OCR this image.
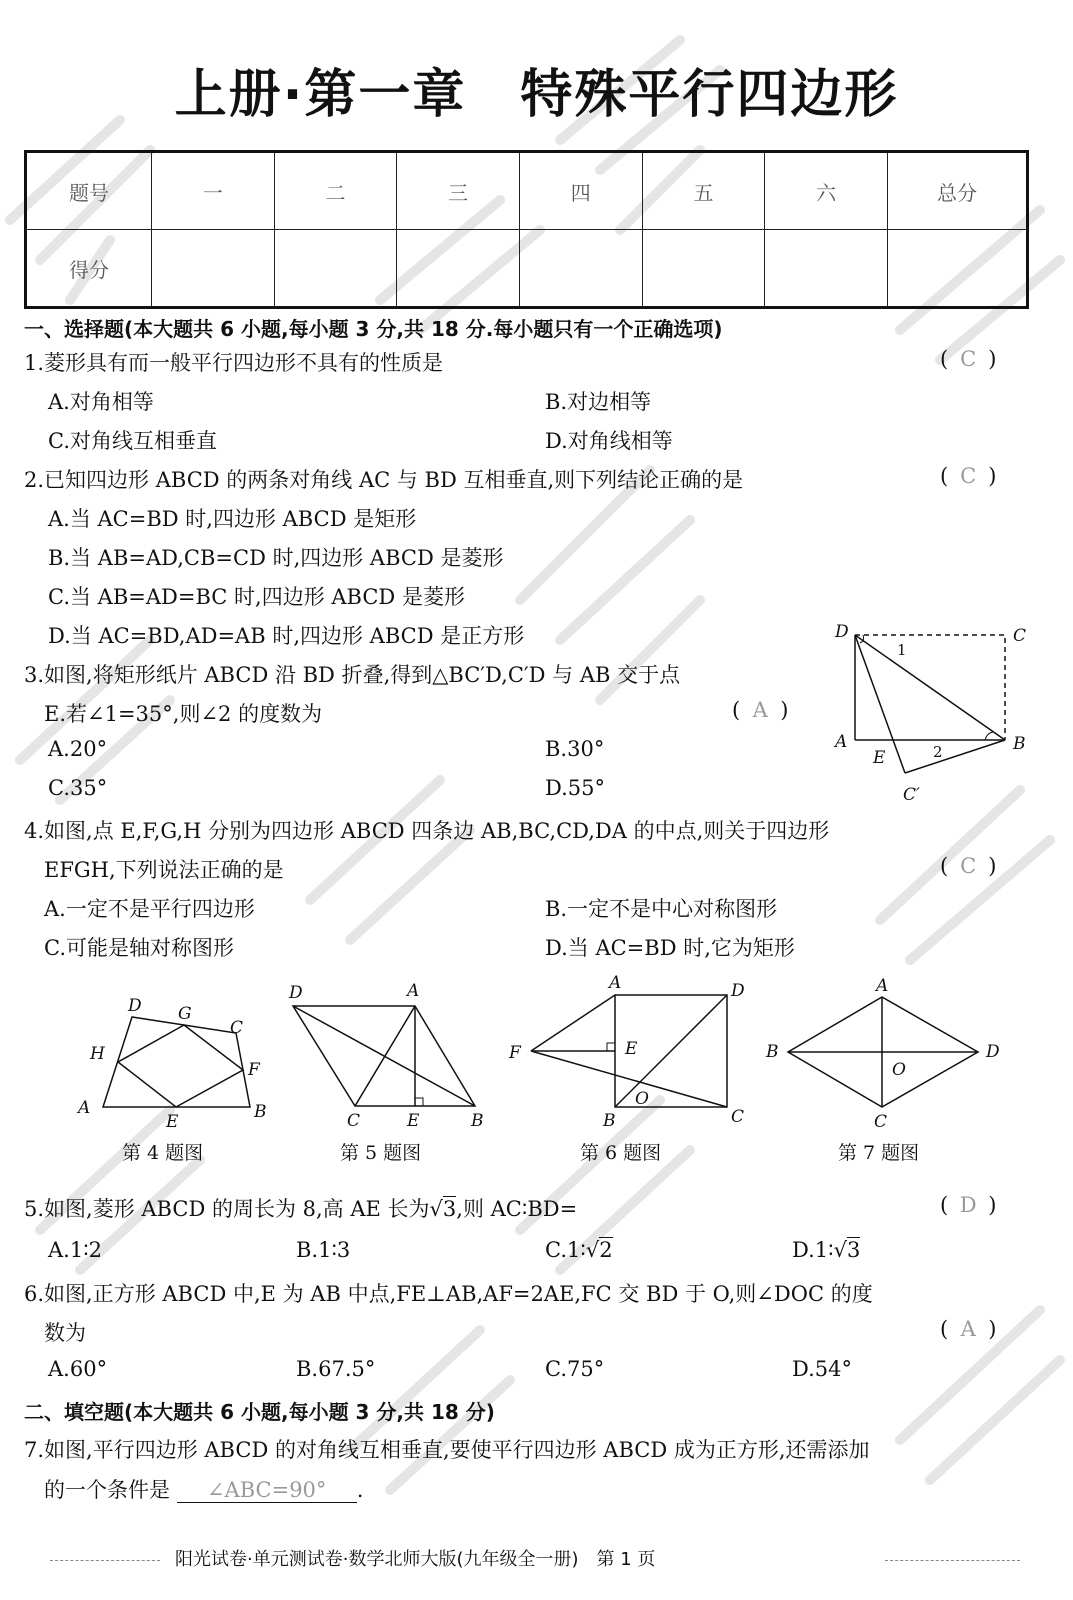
上册·第一章　特殊平行四边形
题号	一	二	三	四	五	六	总分
得分							
一、选择题(本大题共 6 小题,每小题 3 分,共 18 分.每小题只有一个正确选项)
1.菱形具有而一般平行四边形不具有的性质是	( C )
A.对角相等	B.对边相等
C.对角线互相垂直	D.对角线相等
2.已知四边形 ABCD 的两条对角线 AC 与 BD 互相垂直,则下列结论正确的是	( C )
A.当 AC=BD 时,四边形 ABCD 是矩形
B.当 AB=AD,CB=CD 时,四边形 ABCD 是菱形
C.当 AB=AD=BC 时,四边形 ABCD 是菱形
D.当 AC=BD,AD=AB 时,四边形 ABCD 是正方形
3.如图,将矩形纸片 ABCD 沿 BD 折叠,得到△BC′D,C′D 与 AB 交于点
E.若∠1=35°,则∠2 的度数为	( A )
A.20°	B.30°
C.35°	D.55°
D	C
A
E
B
C′
1
2
4.如图,点 E,F,G,H 分别为四边形 ABCD 四条边 AB,BC,CD,DA 的中点,则关于四边形
EFGH,下列说法正确的是	( C )
A.一定不是平行四边形	B.一定不是中心对称图形
C.可能是轴对称图形	D.当 AC=BD 时,它为矩形
D G
C
H
F
A
E	B
第 4 题图
D	A
C	E	B
第 5 题图
A	D
F	E
O
B	C
第 6 题图
A
B	D
O
C
第 7 题图
5.如图,菱形 ABCD 的周长为 8,高 AE 长为√3,则 AC∶BD=	( D )
A.1∶2	B.1∶3	C.1∶√2	D.1∶√3
6.如图,正方形 ABCD 中,E 为 AB 中点,FE⊥AB,AF=2AE,FC 交 BD 于 O,则∠DOC 的度
数为	( A )
A.60°	B.67.5°	C.75°	D.54°
二、填空题(本大题共 6 小题,每小题 3 分,共 18 分)
7.如图,平行四边形 ABCD 的对角线互相垂直,要使平行四边形 ABCD 成为正方形,还需添加
的一个条件是 ∠ABC=90° .
阳光试卷·单元测试卷·数学北师大版(九年级全一册)　第 1 页
